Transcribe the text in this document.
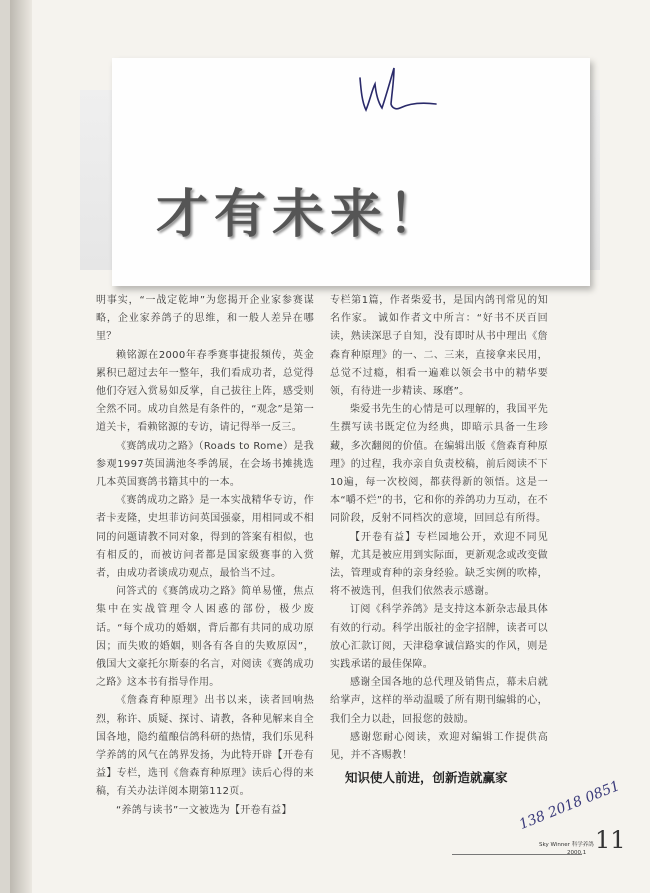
才有未来！

明事实，“一战定乾坤”为您揭开企业家参赛谋略，企业家养鸽子的思维，和一般人差异在哪里？

赖铭源在2000年春季赛事捷报频传，英金累积已超过去年一整年，我们看成功者，总觉得他们夺冠入赏易如反掌，自己拔往上阵，感受则全然不同。成功自然是有条件的，“观念”是第一道关卡，看赖铭源的专访，请记得举一反三。

《赛鸽成功之路》（Roads to Rome）是我参观1997英国满池冬季鸽展，在会场书摊挑选几本英国赛鸽书籍其中的一本。

《赛鸽成功之路》是一本实战精华专访，作者卡麦隆，史坦菲访问英国强豪，用相同或不相同的问题请教不同对象，得到的答案有相似，也有相反的，而被访问者都是国家级赛事的入赏者，由成功者谈成功观点，最恰当不过。

问答式的《赛鸽成功之路》简单易懂，焦点集中在实战管理令人困惑的部份，极少废话。“每个成功的婚姻，背后都有共同的成功原因；而失败的婚姻，则各有各自的失败原因”，俄国大文豪托尔斯泰的名言，对阅读《赛鸽成功之路》这本书有指导作用。

《詹森育种原理》出书以来，读者回响热烈，称许、质疑、探讨、请教，各种见解来自全国各地，隐约蕴酿信鸽科研的热情，我们乐见科学养鸽的风气在鸽界发扬，为此特开辟【开卷有益】专栏，选刊《詹森育种原理》读后心得的来稿，有关办法详阅本期第112页。

“养鸽与读书”一文被选为【开卷有益】

专栏第1篇，作者柴爱书，是国内鸽刊常见的知名作家。 诚如作者文中所言：“好书不厌百回读，熟读深思子自知，没有即时从书中理出《詹森育种原理》的一、二、三来，直接拿来民用，总觉不过瘾，相看一遍难以领会书中的精华要领，有待进一步精读、琢磨”。

柴爱书先生的心情是可以理解的，我国平先生撰写读书既定位为经典，即暗示具备一生珍藏，多次翻阅的价值。在编辑出版《詹森育种原理》的过程，我亦亲自负责校稿，前后阅读不下10遍，每一次校阅，都获得新的领悟。这是一本“嚼不烂”的书，它和你的养鸽功力互动，在不同阶段，反射不同档次的意境，回回总有所得。

【开卷有益】专栏园地公开，欢迎不同见解，尤其是被应用到实际面，更新观念或改变做法，管理或育种的亲身经验。缺乏实例的吹棒，将不被选刊，但我们依然表示感谢。

订阅《科学养鸽》是支持这本新杂志最具体有效的行动。科学出版社的金字招牌，读者可以放心汇款订阅，天津稳拿诚信路实的作风，则是实践承诺的最佳保障。

感谢全国各地的总代理及销售点，幕未启就给掌声，这样的举动温暖了所有期刊编辑的心，我们全力以赴，回报您的鼓励。

感谢您耐心阅读，欢迎对编辑工作提供高见，并不吝赐教！

知识使人前进，创新造就赢家

138 2018 0851
Sky Winner 科学养鸽
2000.1 11
